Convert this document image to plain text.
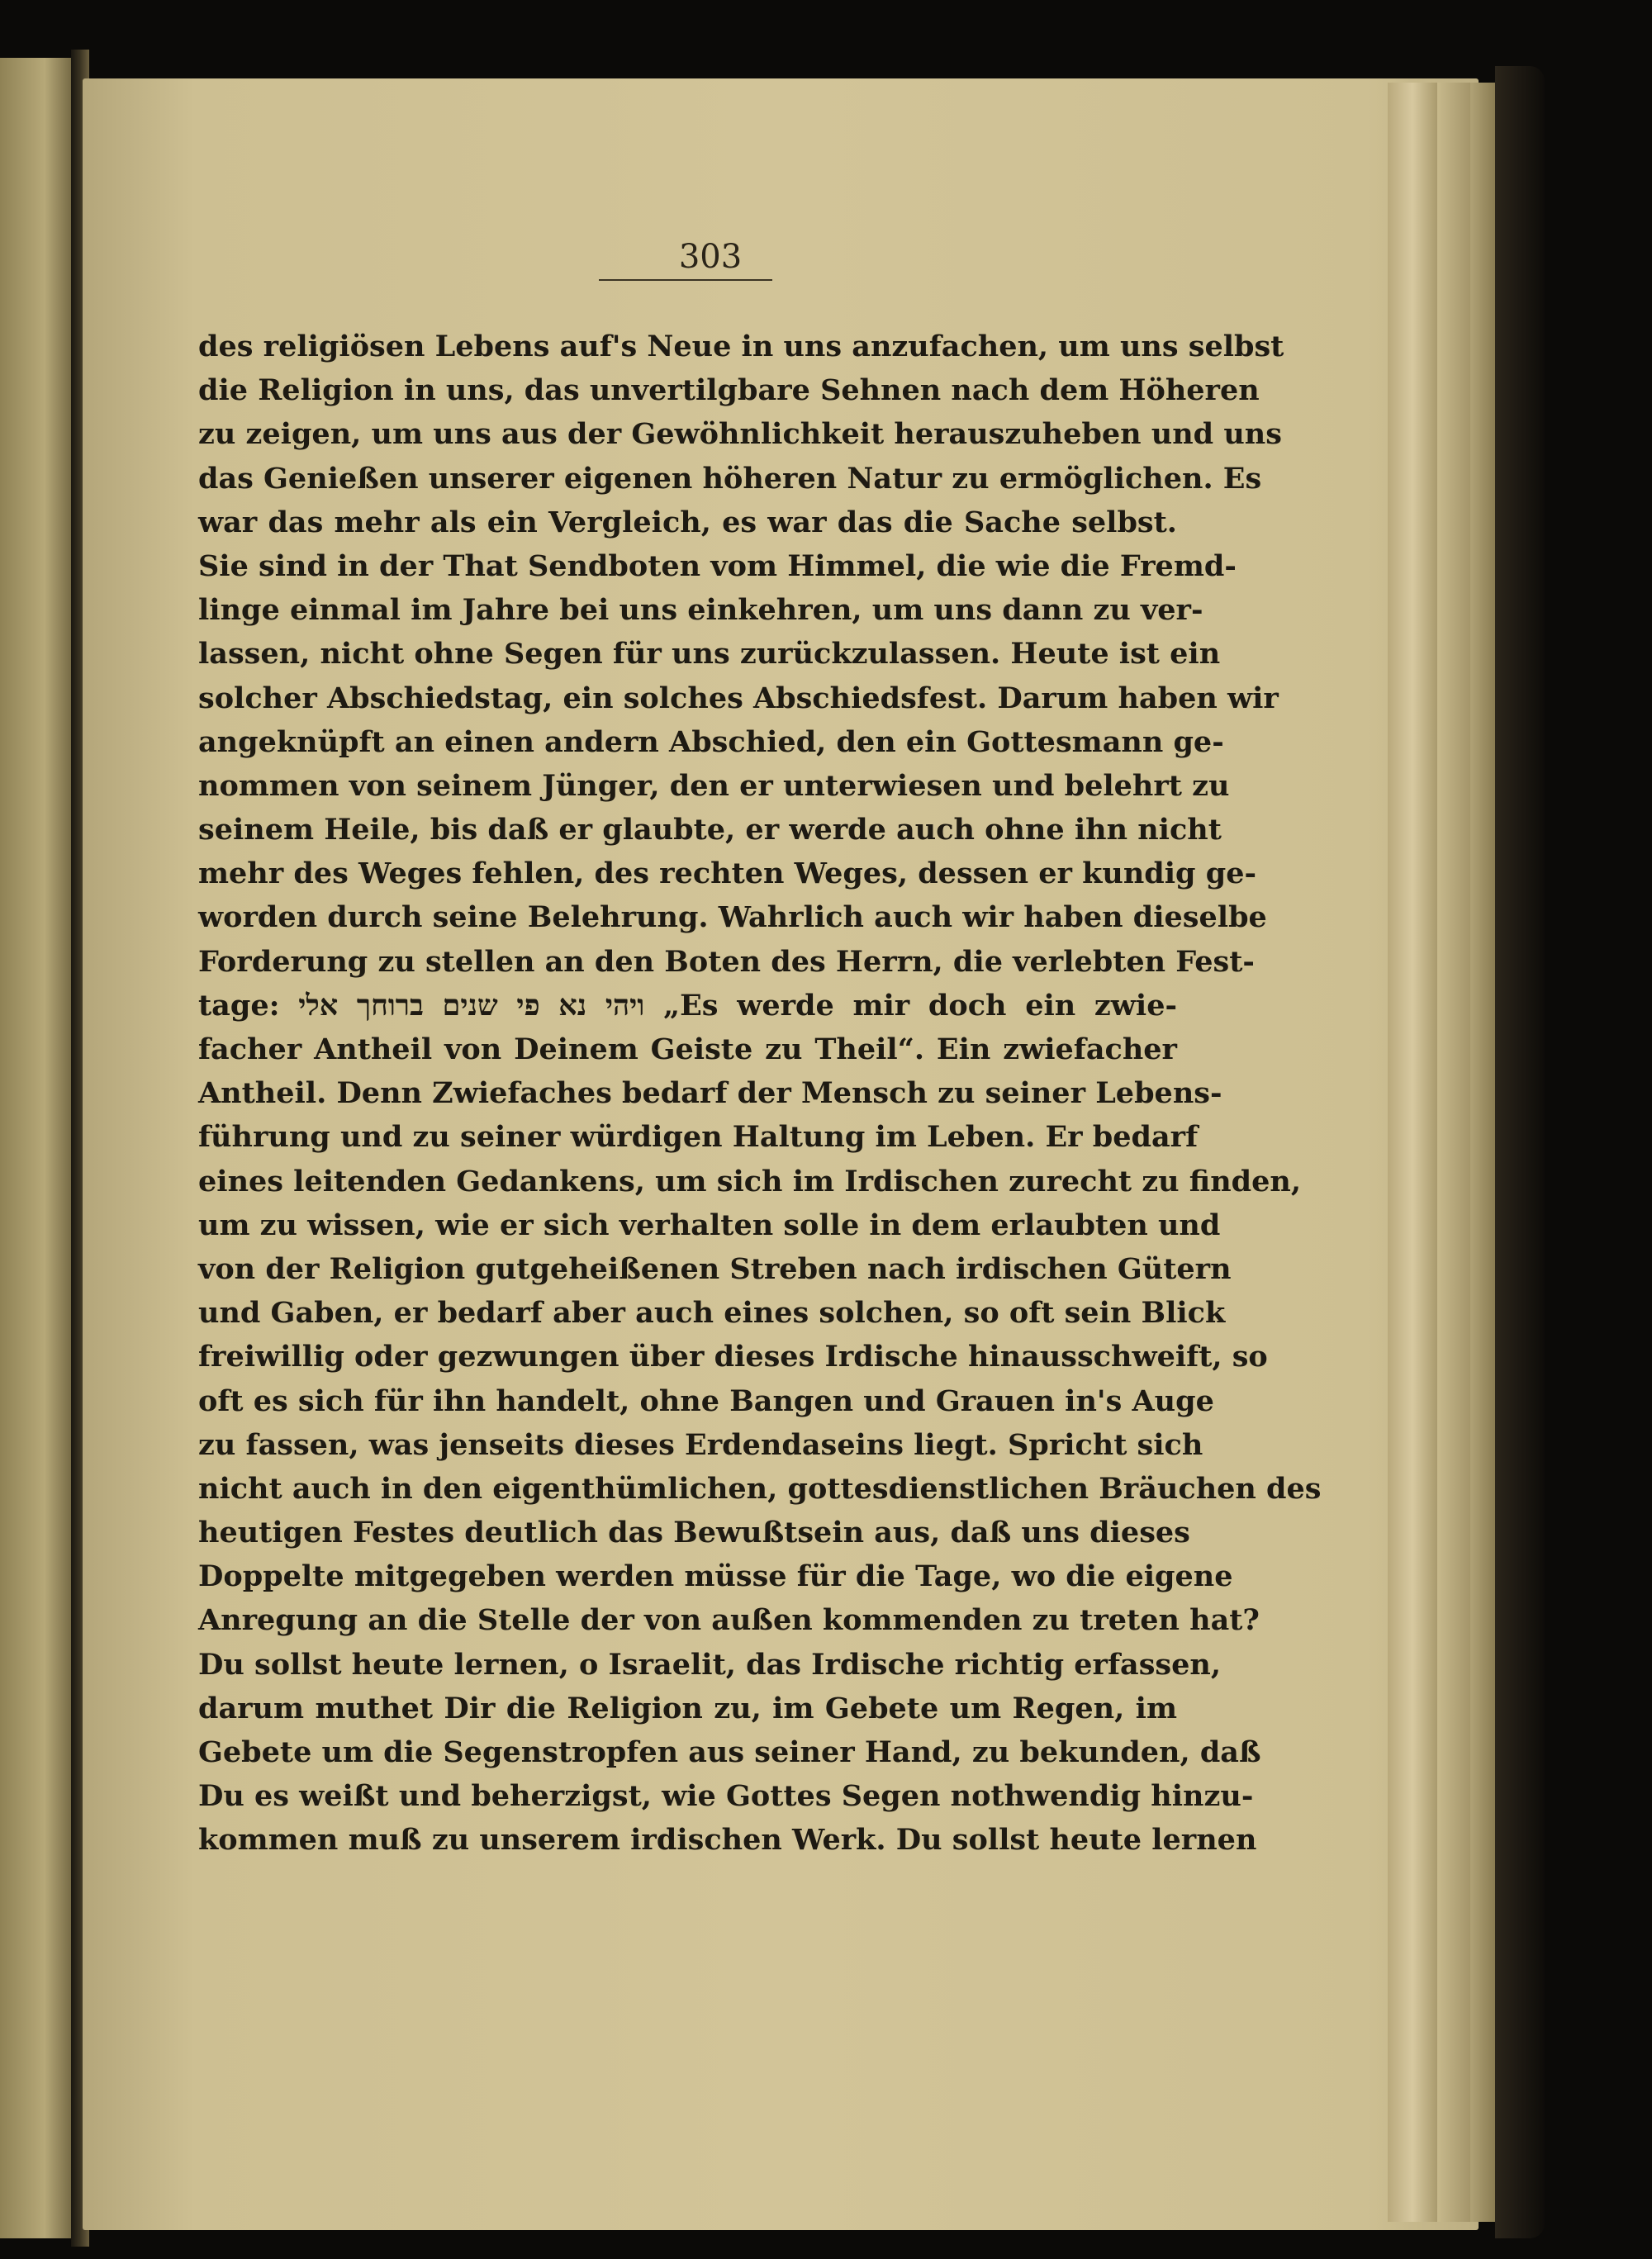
303
des religiösen Lebens auf's Neue in uns anzufachen, um uns selbst
die Religion in uns, das unvertilgbare Sehnen nach dem Höheren
zu zeigen, um uns aus der Gewöhnlichkeit herauszuheben und uns
das Genießen unserer eigenen höheren Natur zu ermöglichen. Es
war das mehr als ein Vergleich, es war das die Sache selbst.
Sie sind in der That Sendboten vom Himmel, die wie die Fremd-
linge einmal im Jahre bei uns einkehren, um uns dann zu ver-
lassen, nicht ohne Segen für uns zurückzulassen. Heute ist ein
solcher Abschiedstag, ein solches Abschiedsfest. Darum haben wir
angeknüpft an einen andern Abschied, den ein Gottesmann ge-
nommen von seinem Jünger, den er unterwiesen und belehrt zu
seinem Heile, bis daß er glaubte, er werde auch ohne ihn nicht
mehr des Weges fehlen, des rechten Weges, dessen er kundig ge-
worden durch seine Belehrung. Wahrlich auch wir haben dieselbe
Forderung zu stellen an den Boten des Herrn, die verlebten Fest-
tage: ויהי נא פי שנים ברוחך אלי „Es werde mir doch ein zwie-
facher Antheil von Deinem Geiste zu Theil“. Ein zwiefacher
Antheil. Denn Zwiefaches bedarf der Mensch zu seiner Lebens-
führung und zu seiner würdigen Haltung im Leben. Er bedarf
eines leitenden Gedankens, um sich im Irdischen zurecht zu finden,
um zu wissen, wie er sich verhalten solle in dem erlaubten und
von der Religion gutgeheißenen Streben nach irdischen Gütern
und Gaben, er bedarf aber auch eines solchen, so oft sein Blick
freiwillig oder gezwungen über dieses Irdische hinausschweift, so
oft es sich für ihn handelt, ohne Bangen und Grauen in's Auge
zu fassen, was jenseits dieses Erdendaseins liegt. Spricht sich
nicht auch in den eigenthümlichen, gottesdienstlichen Bräuchen des
heutigen Festes deutlich das Bewußtsein aus, daß uns dieses
Doppelte mitgegeben werden müsse für die Tage, wo die eigene
Anregung an die Stelle der von außen kommenden zu treten hat?
Du sollst heute lernen, o Israelit, das Irdische richtig erfassen,
darum muthet Dir die Religion zu, im Gebete um Regen, im
Gebete um die Segenstropfen aus seiner Hand, zu bekunden, daß
Du es weißt und beherzigst, wie Gottes Segen nothwendig hinzu-
kommen muß zu unserem irdischen Werk. Du sollst heute lernen
